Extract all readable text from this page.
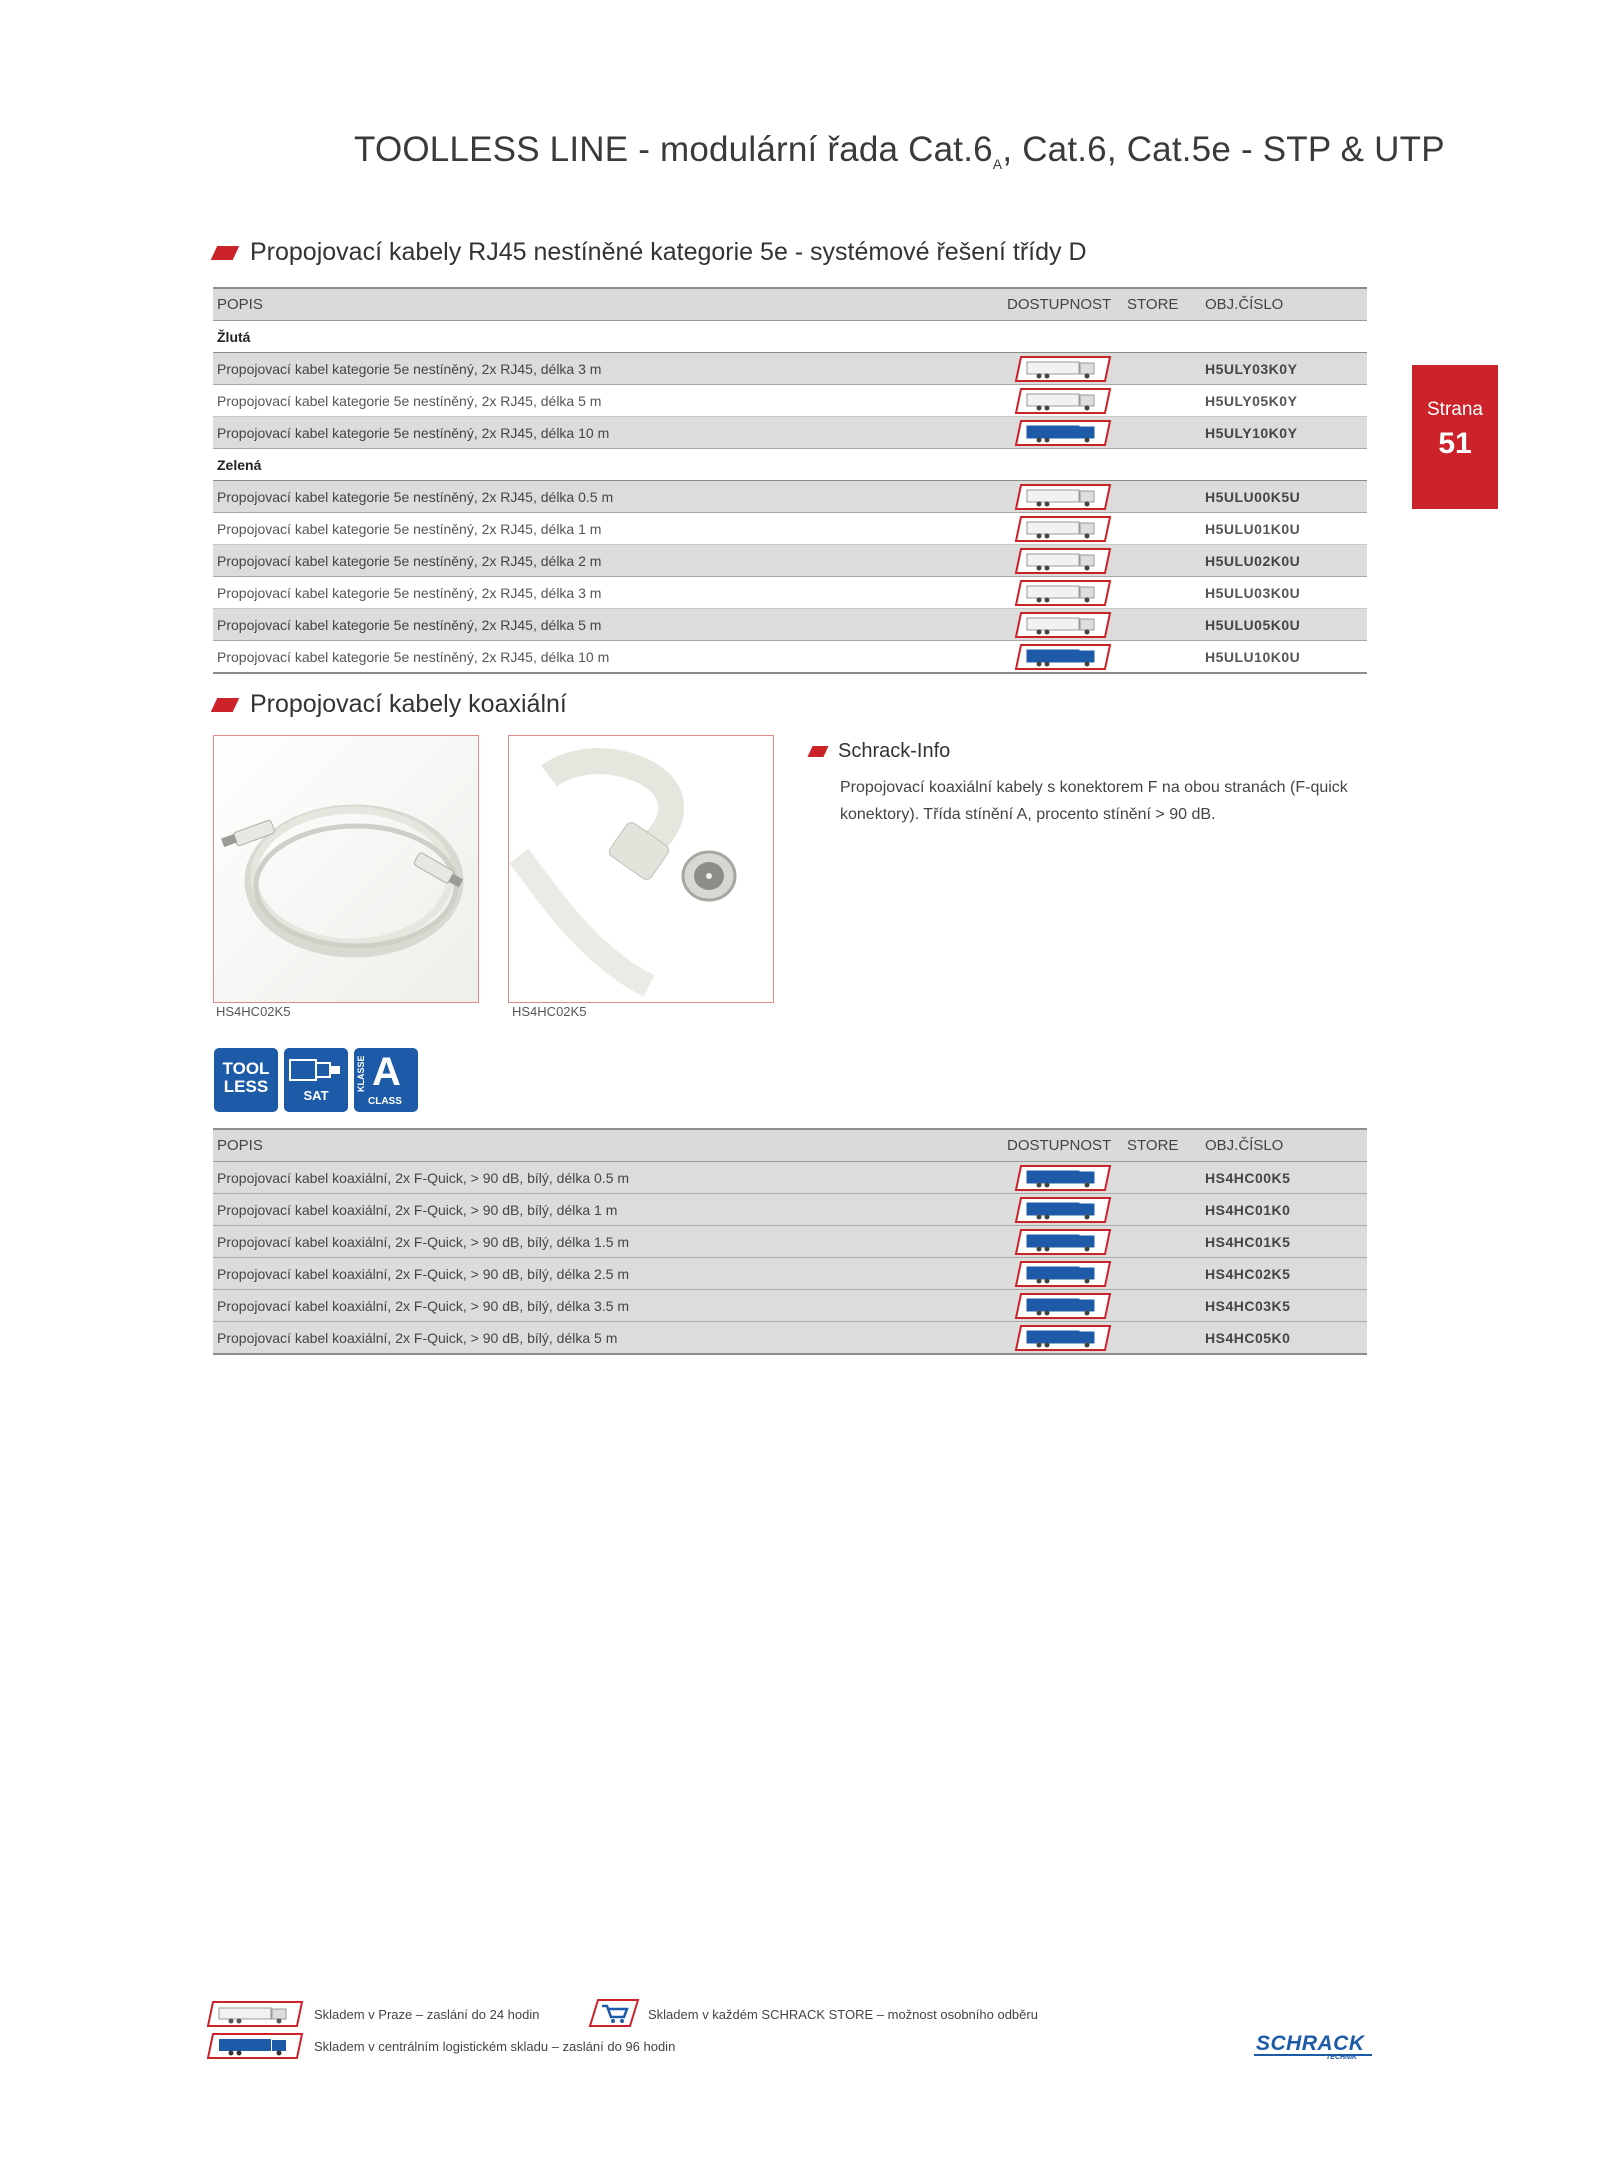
TOOLLESS LINE - modulární řada $Cat.6_A$, Cat.6, Cat.5e - STP & UTP
Strana
51
Propojovací kabely RJ45 nestíněné kategorie 5e - systémové řešení třídy D
POPIS	DOSTUPNOST	STORE	OBJ.ČÍSLO
Žlutá			
Propojovací kabel kategorie 5e nestíněný, 2x RJ45, délka 3 m			H5ULY03K0Y
Propojovací kabel kategorie 5e nestíněný, 2x RJ45, délka 5 m			H5ULY05K0Y
Propojovací kabel kategorie 5e nestíněný, 2x RJ45, délka 10 m			H5ULY10K0Y
Zelená			
Propojovací kabel kategorie 5e nestíněný, 2x RJ45, délka 0.5 m			H5ULU00K5U
Propojovací kabel kategorie 5e nestíněný, 2x RJ45, délka 1 m			H5ULU01K0U
Propojovací kabel kategorie 5e nestíněný, 2x RJ45, délka 2 m			H5ULU02K0U
Propojovací kabel kategorie 5e nestíněný, 2x RJ45, délka 3 m			H5ULU03K0U
Propojovací kabel kategorie 5e nestíněný, 2x RJ45, délka 5 m			H5ULU05K0U
Propojovací kabel kategorie 5e nestíněný, 2x RJ45, délka 10 m			H5ULU10K0U
Propojovací kabely koaxiální
HS4HC02K5	HS4HC02K5
Schrack-Info
Propojovací koaxiální kabely s konektorem F na obou stranách (F-quick konektory). Třída stínění A, procento stínění > 90 dB.
TOOL
LESS	SAT
KLASSE A
CLASS
POPIS	DOSTUPNOST	STORE	OBJ.ČÍSLO
Propojovací kabel koaxiální, 2x F-Quick, > 90 dB, bílý, délka 0.5 m			HS4HC00K5
Propojovací kabel koaxiální, 2x F-Quick, > 90 dB, bílý, délka 1 m			HS4HC01K0
Propojovací kabel koaxiální, 2x F-Quick, > 90 dB, bílý, délka 1.5 m			HS4HC01K5
Propojovací kabel koaxiální, 2x F-Quick, > 90 dB, bílý, délka 2.5 m			HS4HC02K5
Propojovací kabel koaxiální, 2x F-Quick, > 90 dB, bílý, délka 3.5 m			HS4HC03K5
Propojovací kabel koaxiální, 2x F-Quick, > 90 dB, bílý, délka 5 m			HS4HC05K0
Skladem v Praze – zaslání do 24 hodin	Skladem v každém SCHRACK STORE – možnost osobního odběru
Skladem v centrálním logistickém skladu – zaslání do 96 hodin	SCHRACK
TECHNIK
